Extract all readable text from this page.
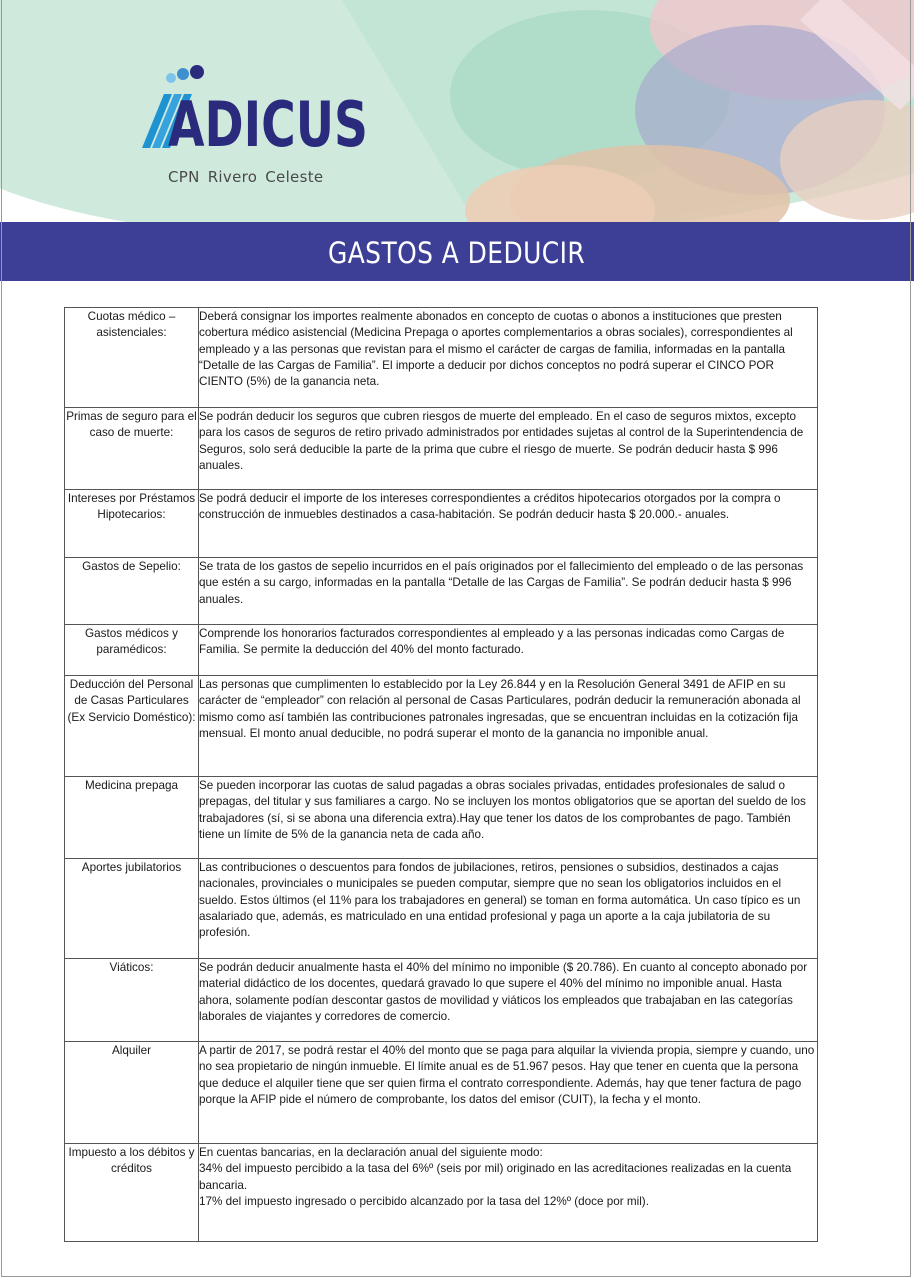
ADICUS
CPN Rivero Celeste
GASTOS A DEDUCIR
Cuotas médico – asistenciales:	Deberá consignar los importes realmente abonados en concepto de cuotas o abonos a instituciones que presten cobertura médico asistencial (Medicina Prepaga o aportes complementarios a obras sociales), correspondientes al empleado y a las personas que revistan para el mismo el carácter de cargas de familia, informadas en la pantalla “Detalle de las Cargas de Familia”. El importe a deducir por dichos conceptos no podrá superar el CINCO POR CIENTO (5%) de la ganancia neta.

Primas de seguro para el caso de muerte:	Se podrán deducir los seguros que cubren riesgos de muerte del empleado. En el caso de seguros mixtos, excepto para los casos de seguros de retiro privado administrados por entidades sujetas al control de la Superintendencia de Seguros, solo será deducible la parte de la prima que cubre el riesgo de muerte. Se podrán deducir hasta $ 996 anuales.

Intereses por Préstamos Hipotecarios:	Se podrá deducir el importe de los intereses correspondientes a créditos hipotecarios otorgados por la compra o construcción de inmuebles destinados a casa-habitación. Se podrán deducir hasta $ 20.000.- anuales.

Gastos de Sepelio:	Se trata de los gastos de sepelio incurridos en el país originados por el fallecimiento del empleado o de las personas que estén a su cargo, informadas en la pantalla “Detalle de las Cargas de Familia”. Se podrán deducir hasta $ 996 anuales.

Gastos médicos y paramédicos:	Comprende los honorarios facturados correspondientes al empleado y a las personas indicadas como Cargas de Familia. Se permite la deducción del 40% del monto facturado.

Deducción del Personal de Casas Particulares (Ex Servicio Doméstico):	Las personas que cumplimenten lo establecido por la Ley 26.844 y en la Resolución General 3491 de AFIP en su carácter de “empleador” con relación al personal de Casas Particulares, podrán deducir la remuneración abonada al mismo como así también las contribuciones patronales ingresadas, que se encuentran incluidas en la cotización fija mensual. El monto anual deducible, no podrá superar el monto de la ganancia no imponible anual.

Medicina prepaga	Se pueden incorporar las cuotas de salud pagadas a obras sociales privadas, entidades profesionales de salud o prepagas, del titular y sus familiares a cargo. No se incluyen los montos obligatorios que se aportan del sueldo de los trabajadores (sí, si se abona una diferencia extra).Hay que tener los datos de los comprobantes de pago. También tiene un límite de 5% de la ganancia neta de cada año.

Aportes jubilatorios	Las contribuciones o descuentos para fondos de jubilaciones, retiros, pensiones o subsidios, destinados a cajas nacionales, provinciales o municipales se pueden computar, siempre que no sean los obligatorios incluidos en el sueldo. Estos últimos (el 11% para los trabajadores en general) se toman en forma automática. Un caso típico es un asalariado que, además, es matriculado en una entidad profesional y paga un aporte a la caja jubilatoria de su profesión.

Viáticos:	Se podrán deducir anualmente hasta el 40% del mínimo no imponible ($ 20.786). En cuanto al concepto abonado por material didáctico de los docentes, quedará gravado lo que supere el 40% del mínimo no imponible anual. Hasta ahora, solamente podían descontar gastos de movilidad y viáticos los empleados que trabajaban en las categorías laborales de viajantes y corredores de comercio.

Alquiler	A partir de 2017, se podrá restar el 40% del monto que se paga para alquilar la vivienda propia, siempre y cuando, uno no sea propietario de ningún inmueble. El límite anual es de 51.967 pesos. Hay que tener en cuenta que la persona que deduce el alquiler tiene que ser quien firma el contrato correspondiente. Además, hay que tener factura de pago porque la AFIP pide el número de comprobante, los datos del emisor (CUIT), la fecha y el monto.

Impuesto a los débitos y créditos	En cuentas bancarias, en la declaración anual del siguiente modo:
34% del impuesto percibido a la tasa del 6%º (seis por mil) originado en las acreditaciones realizadas en la cuenta bancaria.
17% del impuesto ingresado o percibido alcanzado por la tasa del 12%º (doce por mil).
